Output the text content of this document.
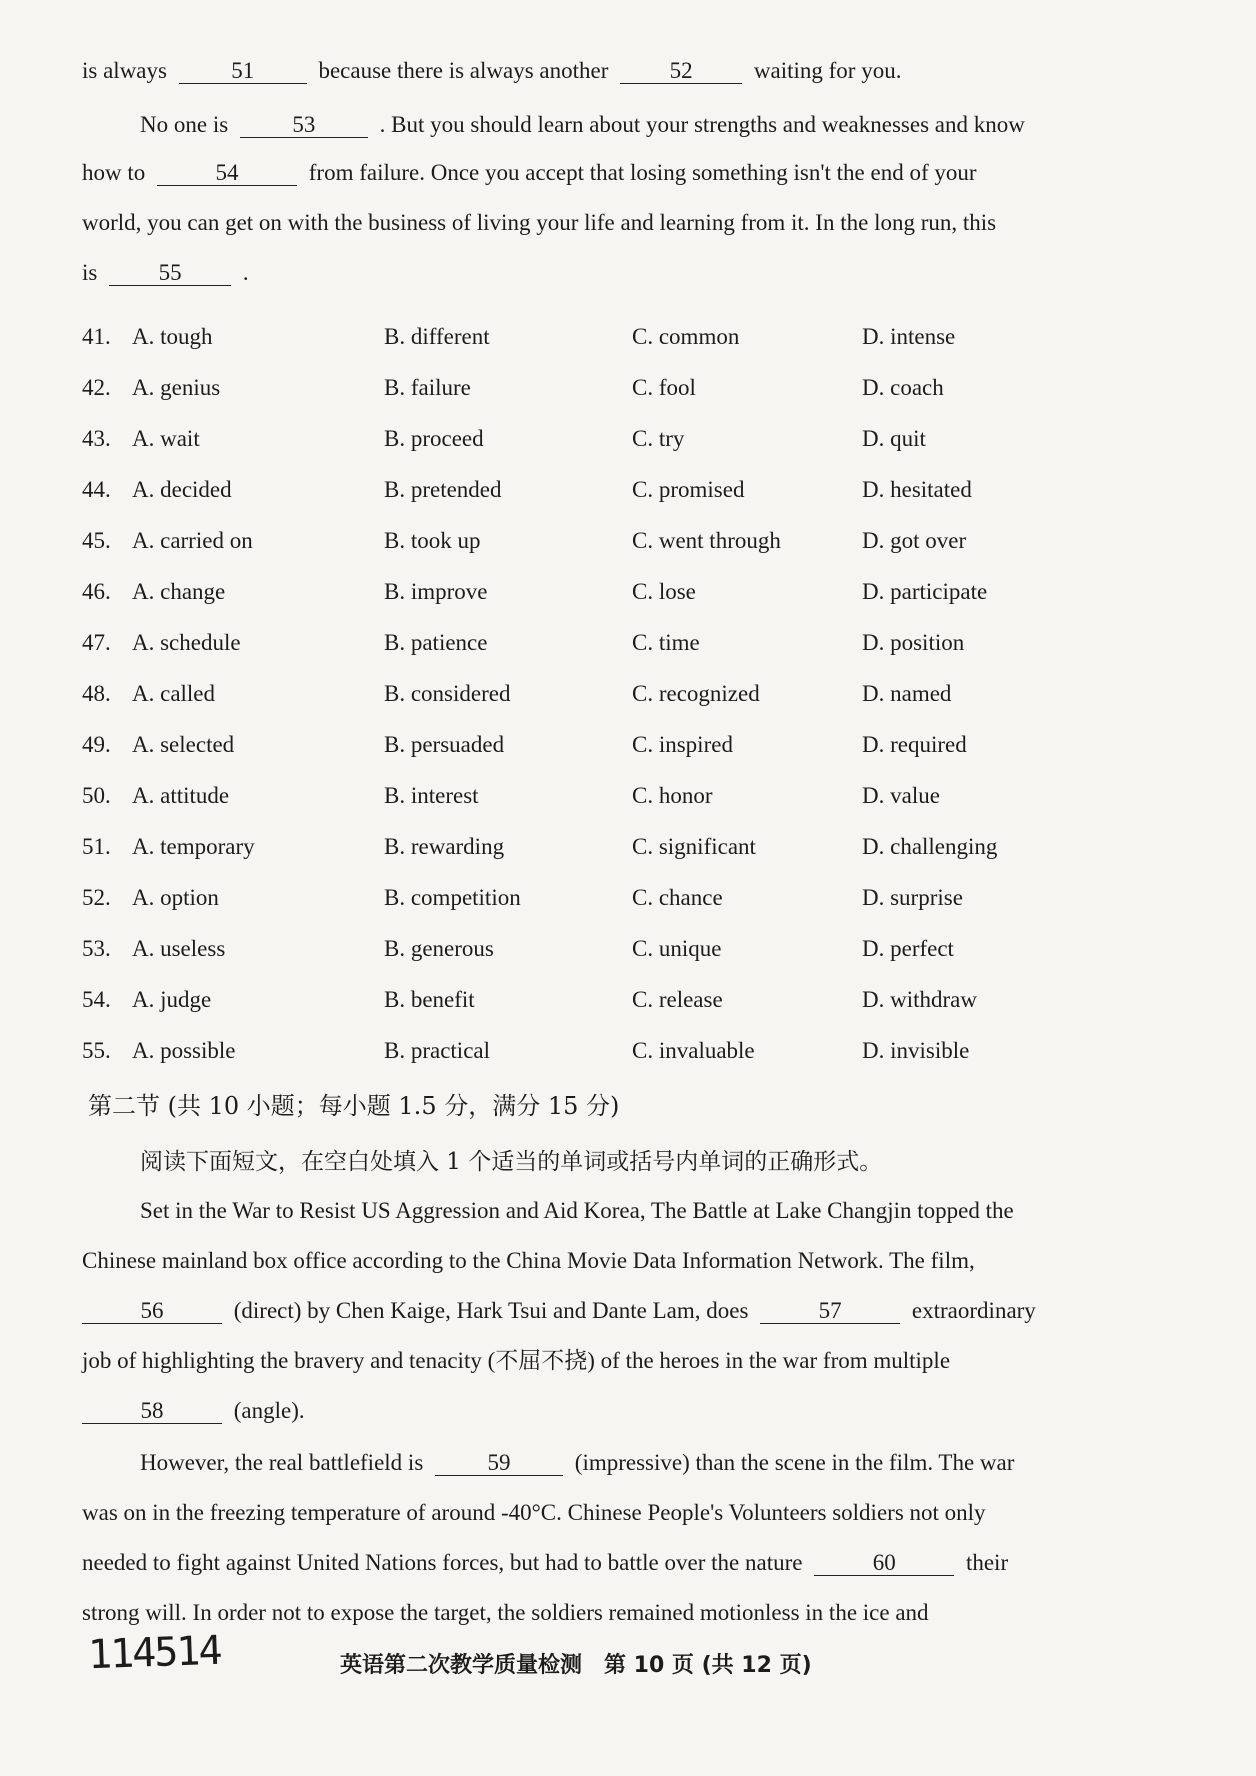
is always	51	because there is always another	52	waiting for you.
No one is	53	. But you should learn about your strengths and weaknesses and know
how to	54	from failure. Once you accept that losing something isn't the end of your
world, you can get on with the business of living your life and learning from it. In the long run, this
is	55	.
41. A. tough	B. different	C. common	D. intense
42. A. genius	B. failure	C. fool	D. coach
43. A. wait	B. proceed	C. try	D. quit
44. A. decided	B. pretended	C. promised	D. hesitated
45. A. carried on	B. took up	C. went through	D. got over
46. A. change	B. improve	C. lose	D. participate
47. A. schedule	B. patience	C. time	D. position
48. A. called	B. considered	C. recognized	D. named
49. A. selected	B. persuaded	C. inspired	D. required
50. A. attitude	B. interest	C. honor	D. value
51. A. temporary	B. rewarding	C. significant	D. challenging
52. A. option	B. competition	C. chance	D. surprise
53. A. useless	B. generous	C. unique	D. perfect
54. A. judge	B. benefit	C. release	D. withdraw
55. A. possible	B. practical	C. invaluable	D. invisible
第二节 (共 10 小题；每小题 1.5 分，满分 15 分)
阅读下面短文，在空白处填入 1 个适当的单词或括号内单词的正确形式。
Set in the War to Resist US Aggression and Aid Korea, The Battle at Lake Changjin topped the
Chinese mainland box office according to the China Movie Data Information Network. The film,
56	(direct) by Chen Kaige, Hark Tsui and Dante Lam, does	57	extraordinary
job of highlighting the bravery and tenacity (不屈不挠) of the heroes in the war from multiple
58	(angle).
However, the real battlefield is	59	(impressive) than the scene in the film. The war
was on in the freezing temperature of around -40°C. Chinese People's Volunteers soldiers not only
needed to fight against United Nations forces, but had to battle over the nature	60	their
strong will. In order not to expose the target, the soldiers remained motionless in the ice and
114514	英语第二次教学质量检测　第 10 页 (共 12 页)
